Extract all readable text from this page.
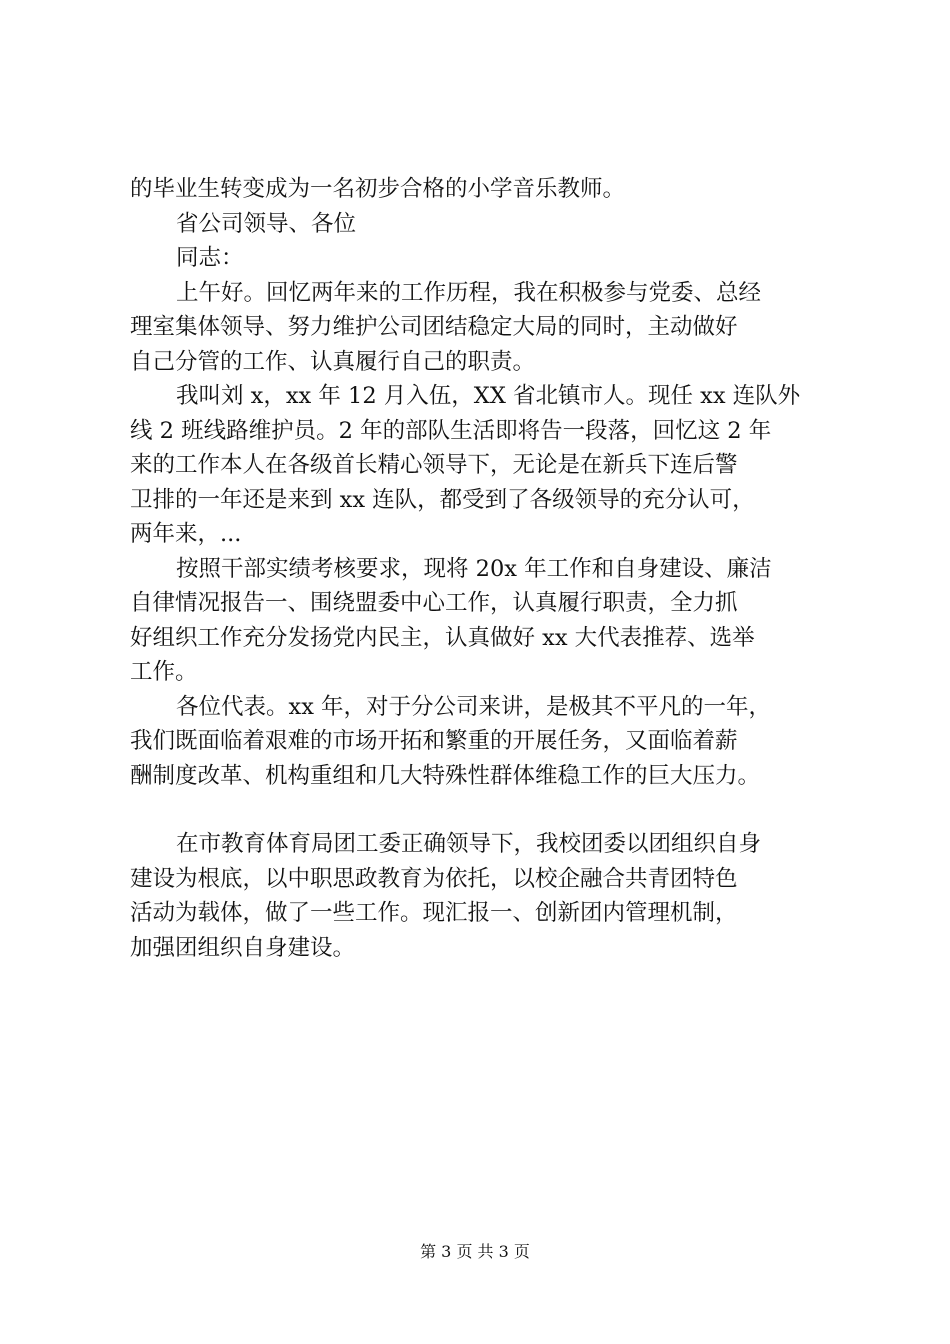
的毕业生转变成为一名初步合格的小学音乐教师。
省公司领导、各位
同志：
上午好。回忆两年来的工作历程，我在积极参与党委、总经
理室集体领导、努力维护公司团结稳定大局的同时，主动做好
自己分管的工作、认真履行自己的职责。
我叫刘 x，xx 年 12 月入伍，XX 省北镇市人。现任 xx 连队外
线 2 班线路维护员。2 年的部队生活即将告一段落，回忆这 2 年
来的工作本人在各级首长精心领导下，无论是在新兵下连后警
卫排的一年还是来到 xx 连队，都受到了各级领导的充分认可，
两年来，...
按照干部实绩考核要求，现将 20x 年工作和自身建设、廉洁
自律情况报告一、围绕盟委中心工作，认真履行职责，全力抓
好组织工作充分发扬党内民主，认真做好 xx 大代表推荐、选举
工作。
各位代表。xx 年，对于分公司来讲，是极其不平凡的一年，
我们既面临着艰难的市场开拓和繁重的开展任务，又面临着薪
酬制度改革、机构重组和几大特殊性群体维稳工作的巨大压力。
在市教育体育局团工委正确领导下，我校团委以团组织自身
建设为根底，以中职思政教育为依托，以校企融合共青团特色
活动为载体，做了一些工作。现汇报一、创新团内管理机制，
加强团组织自身建设。
第 3 页 共 3 页
